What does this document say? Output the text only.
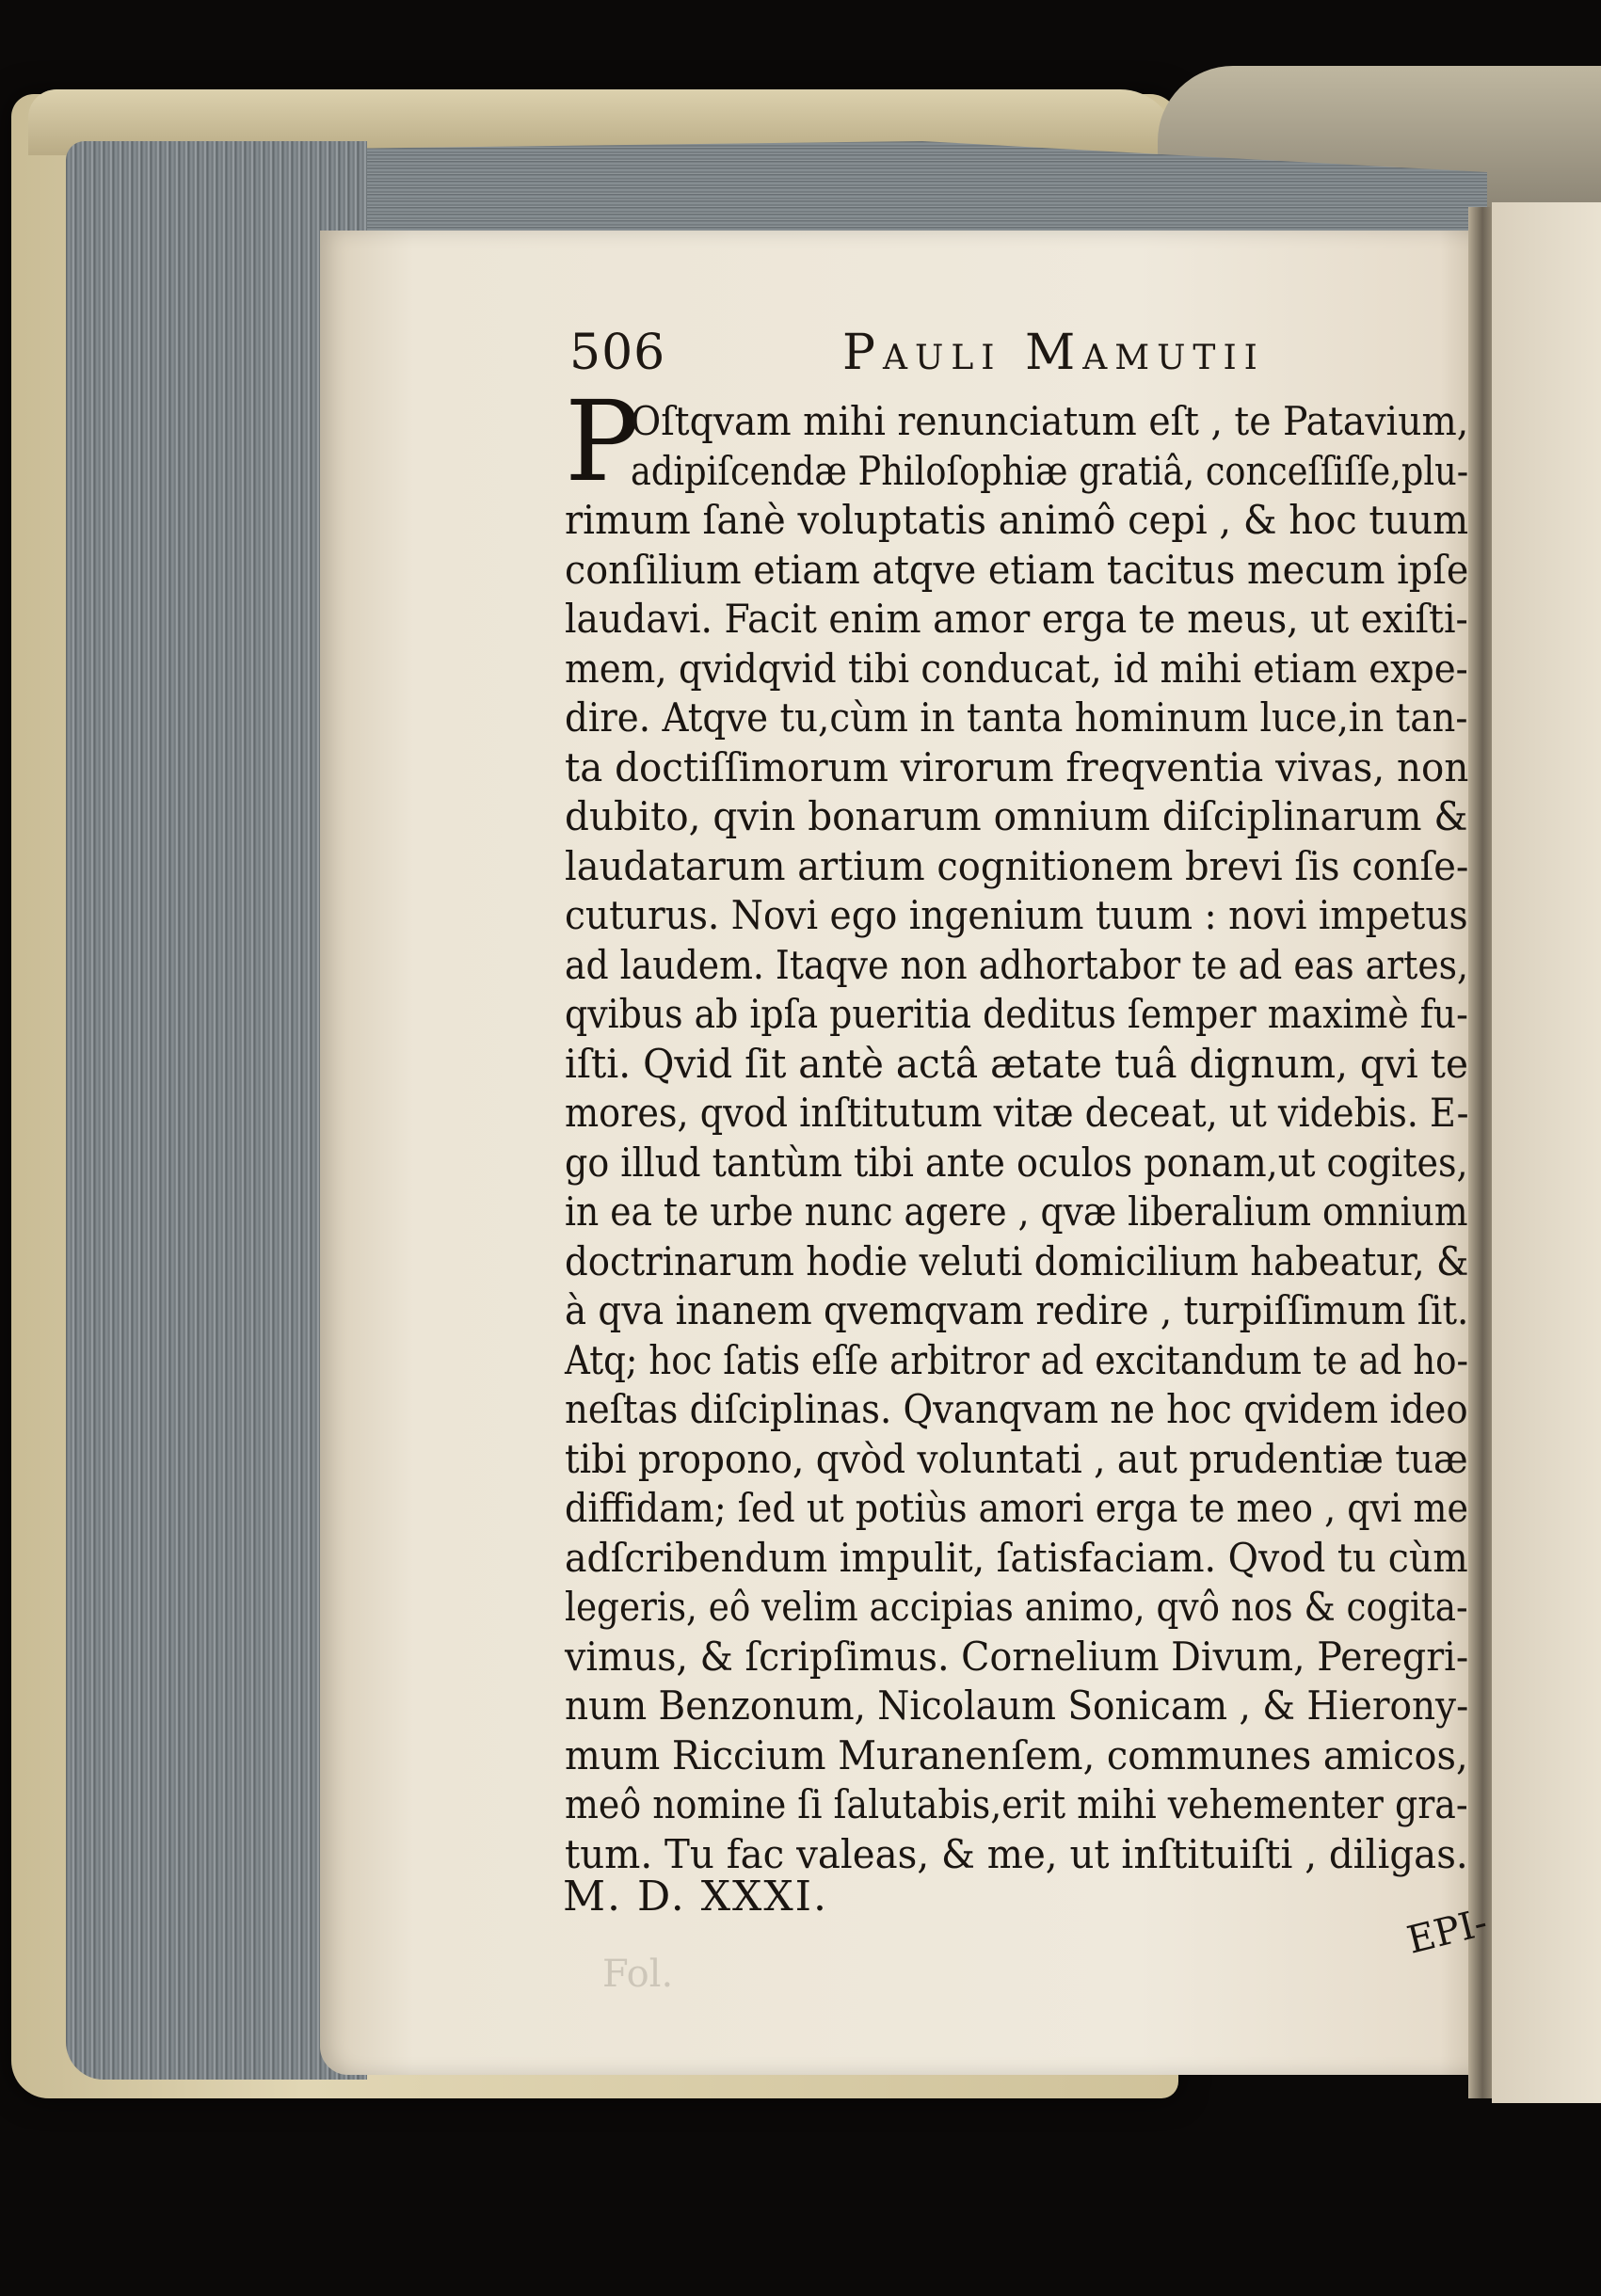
506	Pauli Mamutii
P
Oſtqvam mihi renunciatum eſt , te Patavium,
adipiſcendæ Philoſophiæ gratiâ, conceſſiſſe,plu-
rimum ſanè voluptatis animô cepi , & hoc tuum
conſilium etiam atqve etiam tacitus mecum ipſe
laudavi. Facit enim amor erga te meus, ut exiſti-
mem, qvidqvid tibi conducat, id mihi etiam expe-
dire. Atqve tu,cùm in tanta hominum luce,in tan-
ta doctiſſimorum virorum freqventia vivas, non
dubito, qvin bonarum omnium diſciplinarum &
laudatarum artium cognitionem brevi ſis conſe-
cuturus. Novi ego ingenium tuum : novi impetus
ad laudem. Itaqve non adhortabor te ad eas artes,
qvibus ab ipſa pueritia deditus ſemper maximè fu-
iſti. Qvid ſit antè actâ ætate tuâ dignum, qvi te
mores, qvod inſtitutum vitæ deceat, ut videbis. E-
go illud tantùm tibi ante oculos ponam,ut cogites,
in ea te urbe nunc agere , qvæ liberalium omnium
doctrinarum hodie veluti domicilium habeatur, &
à qva inanem qvemqvam redire , turpiſſimum ſit.
Atq; hoc ſatis eſſe arbitror ad excitandum te ad ho-
neſtas diſciplinas. Qvanqvam ne hoc qvidem ideo
tibi propono, qvòd voluntati , aut prudentiæ tuæ
diffidam; ſed ut potiùs amori erga te meo , qvi me
adſcribendum impulit, ſatisfaciam. Qvod tu cùm
legeris, eô velim accipias animo, qvô nos & cogita-
vimus, & ſcripſimus. Cornelium Divum, Peregri-
num Benzonum, Nicolaum Sonicam , & Hierony-
mum Riccium Muranenſem, communes amicos,
meô nomine ſi ſalutabis,erit mihi vehementer gra-
tum. Tu fac valeas, & me, ut inſtituiſti , diligas.
M. D. XXXI.
EPI-
Fol.
